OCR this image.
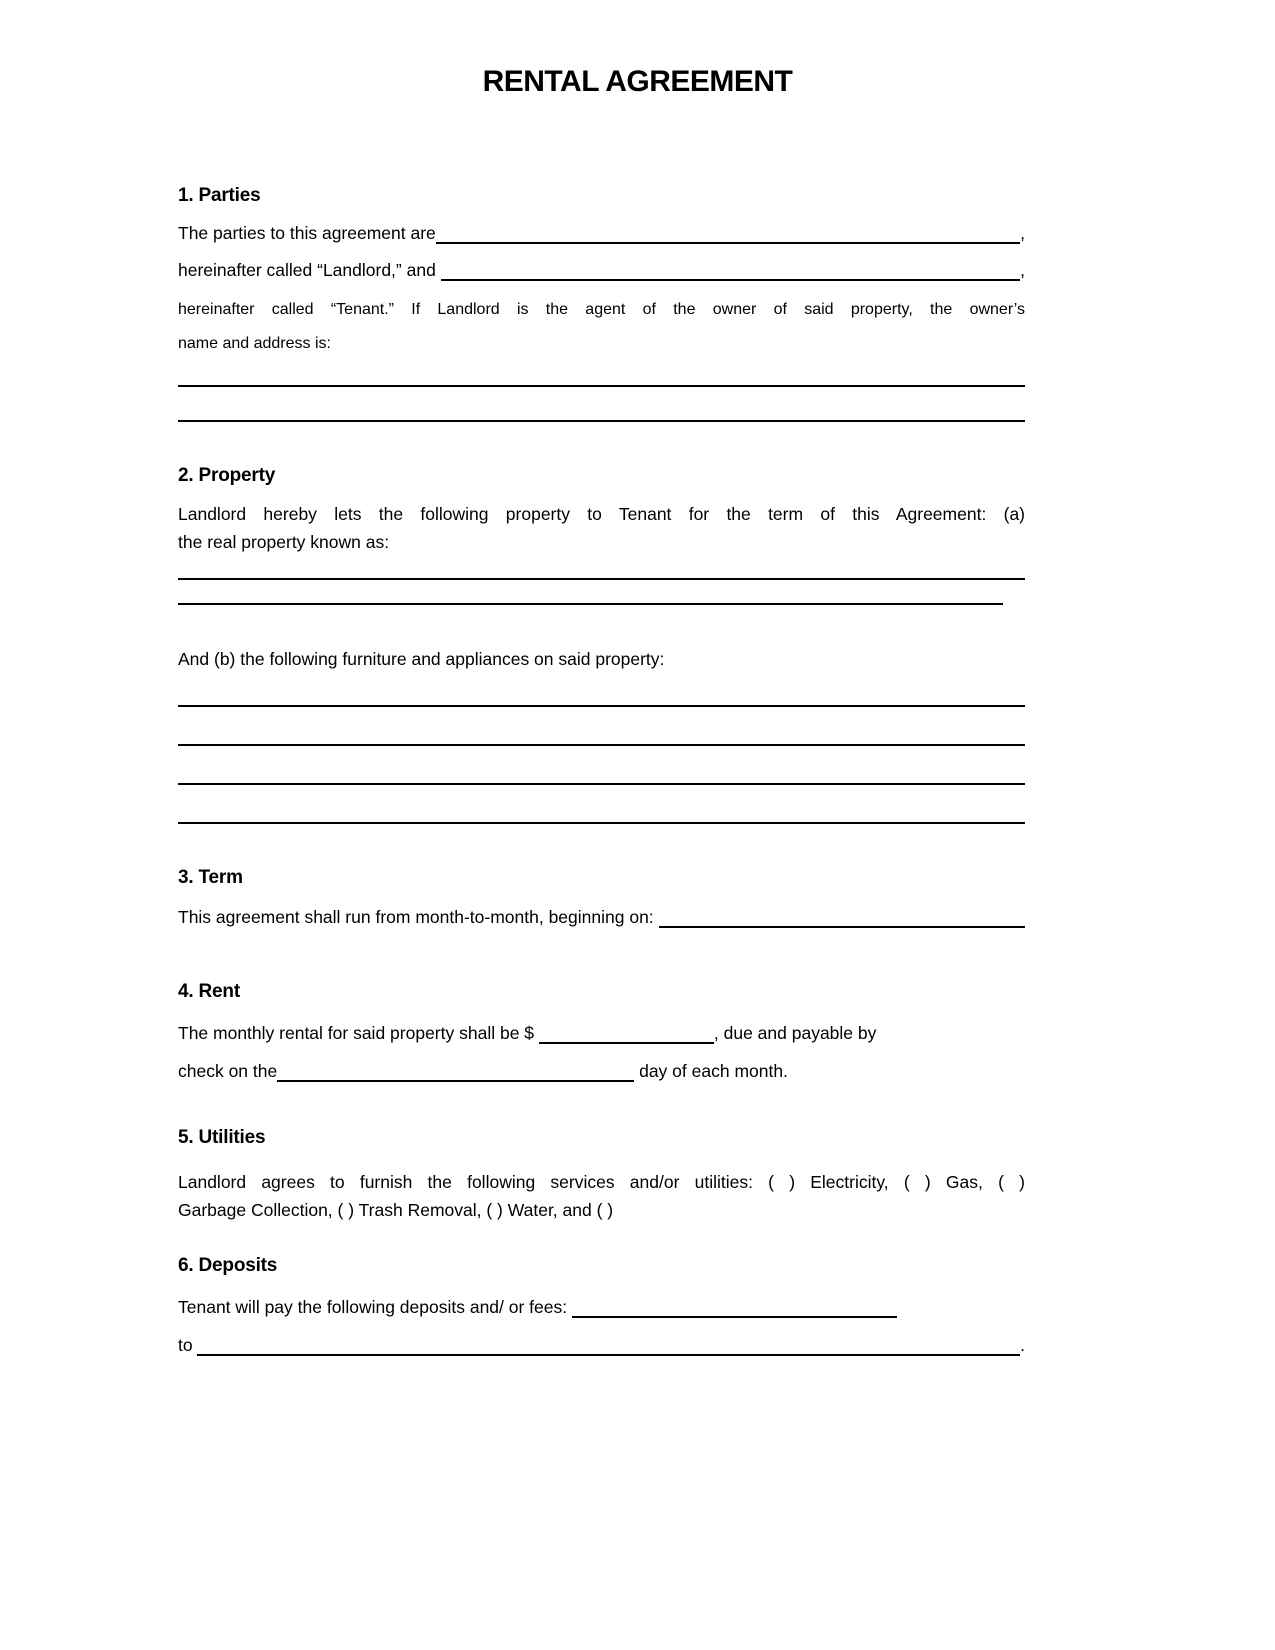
RENTAL AGREEMENT
1. Parties
The parties to this agreement are	,
hereinafter called “Landlord,” and	,
hereinafter called “Tenant.” If Landlord is the agent of the owner of said property, the owner’s
name and address is:
2. Property
Landlord hereby lets the following property to Tenant for the term of this Agreement: (a)
the real property known as:
And (b) the following furniture and appliances on said property:
3. Term
This agreement shall run from month-to-month, beginning on:
4. Rent
The monthly rental for said property shall be $	, due and payable by
check on the	day of each month.
5. Utilities
Landlord agrees to furnish the following services and/or utilities: ( ) Electricity, ( ) Gas, ( )
Garbage Collection, ( ) Trash Removal, ( ) Water, and ( )
6. Deposits
Tenant will pay the following deposits and/ or fees:
to	.
